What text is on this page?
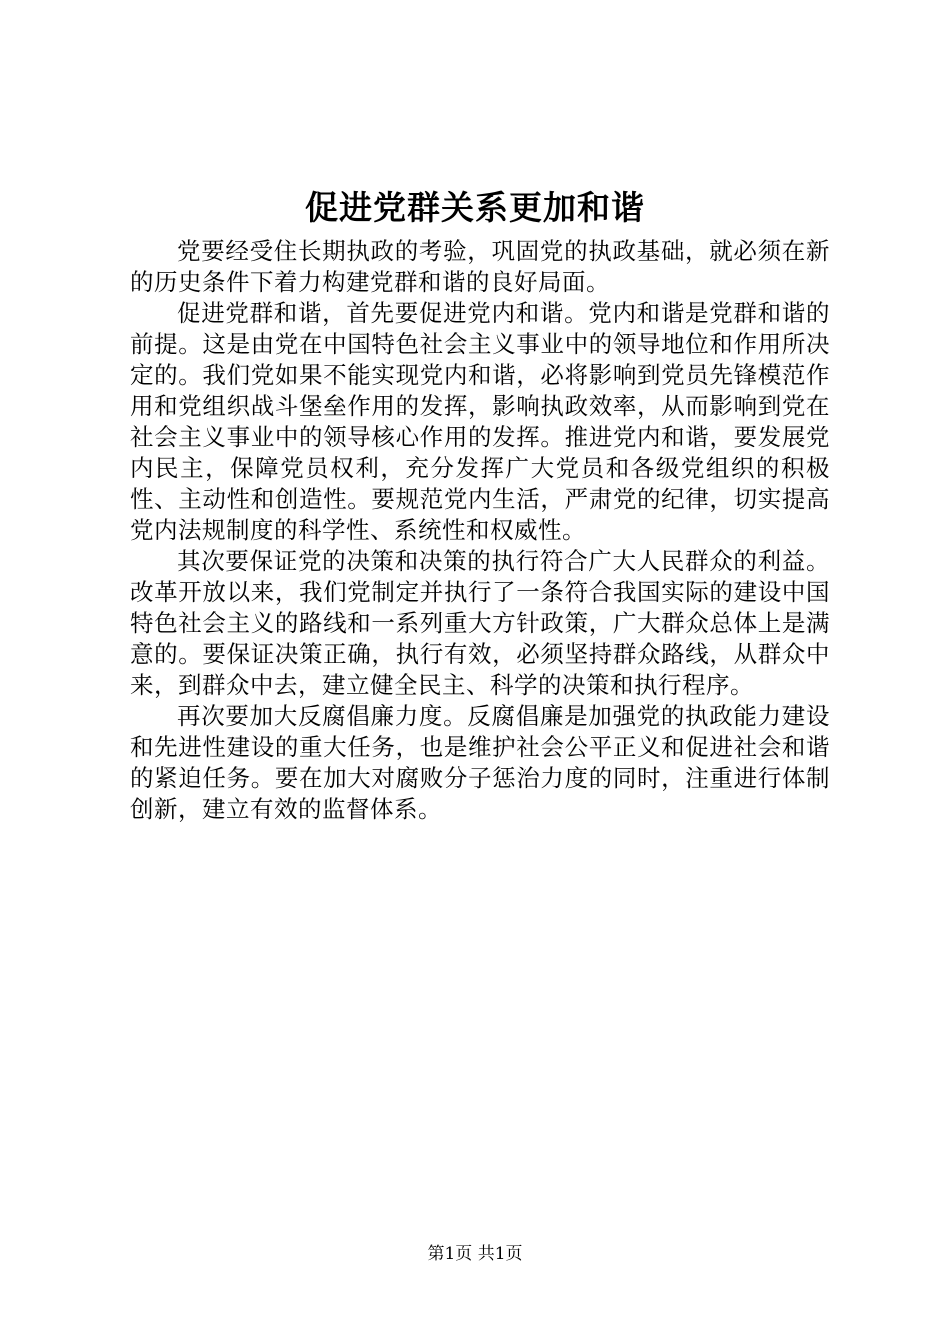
促进党群关系更加和谐

党要经受住长期执政的考验，巩固党的执政基础，就必须在新的历史条件下着力构建党群和谐的良好局面。

促进党群和谐，首先要促进党内和谐。党内和谐是党群和谐的前提。这是由党在中国特色社会主义事业中的领导地位和作用所决定的。我们党如果不能实现党内和谐，必将影响到党员先锋模范作用和党组织战斗堡垒作用的发挥，影响执政效率，从而影响到党在社会主义事业中的领导核心作用的发挥。推进党内和谐，要发展党内民主，保障党员权利，充分发挥广大党员和各级党组织的积极性、主动性和创造性。要规范党内生活，严肃党的纪律，切实提高党内法规制度的科学性、系统性和权威性。

其次要保证党的决策和决策的执行符合广大人民群众的利益。改革开放以来，我们党制定并执行了一条符合我国实际的建设中国特色社会主义的路线和一系列重大方针政策，广大群众总体上是满意的。要保证决策正确，执行有效，必须坚持群众路线，从群众中来，到群众中去，建立健全民主、科学的决策和执行程序。

再次要加大反腐倡廉力度。反腐倡廉是加强党的执政能力建设和先进性建设的重大任务，也是维护社会公平正义和促进社会和谐的紧迫任务。要在加大对腐败分子惩治力度的同时，注重进行体制创新，建立有效的监督体系。

第1页 共1页
